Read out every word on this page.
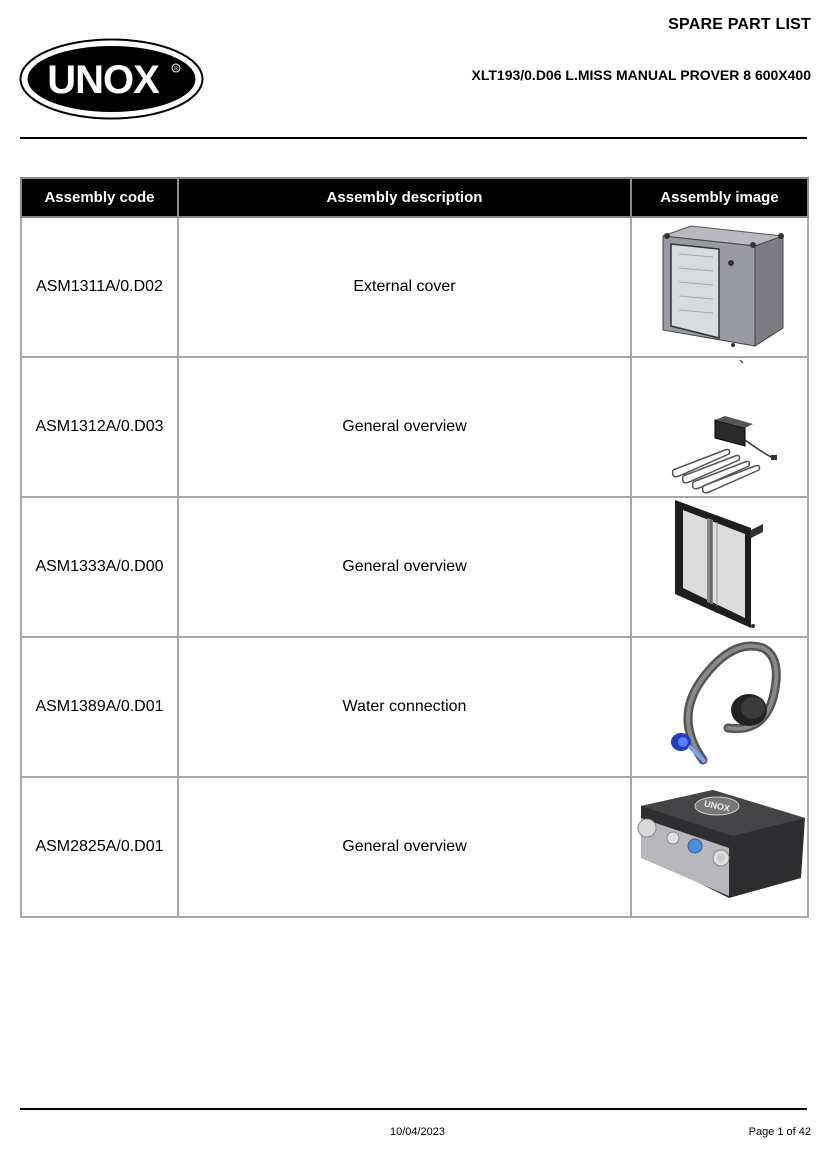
UNOX	R
SPARE PART LIST
XLT193/0.D06 L.MISS MANUAL PROVER 8 600X400
Assembly code	Assembly description	Assembly image
ASM1311A/0.D02	External cover	

ASM1312A/0.D03	General overview	

ASM1333A/0.D00	General overview	

ASM1389A/0.D01	Water connection	

ASM2825A/0.D01	General overview	UNOX
10/04/2023	Page 1 of 42
